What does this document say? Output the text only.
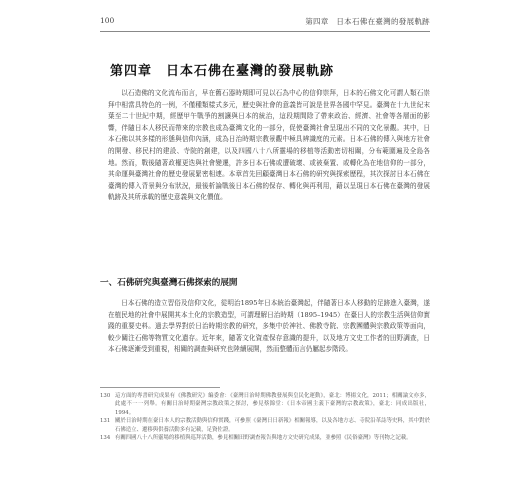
100	第四章　日本石佛在臺灣的發展軌跡
第四章　日本石佛在臺灣的發展軌跡

以石造佛的文化流布而言，早在舊石器時期即可見以石為中心的信仰崇拜，日本的石佛文化可謂人類石崇拜中相當具特色的一例，不僅種類樣式多元，歷史與社會的意義皆可說是世界各國中罕見。臺灣在十九世紀末葉至二十世紀中期，經歷甲午戰爭的割讓與日本的統治，這段期間除了帶來政治、經濟、社會等各層面的影響，伴隨日本人移民而帶來的宗教也成為臺灣文化的一部分，促使臺灣社會呈現出不同的文化景觀。其中，日本石佛以其多樣的形態與信仰內涵，成為日治時期宗教景觀中極具辨識度的元素。日本石佛的傳入與地方社會的開發、移民村的建設、寺院的創建，以及四國八十八所靈場的移植等活動密切相關，分布範圍遍及全島各地。然而，戰後隨著政權更迭與社會變遷，許多日本石佛或遭破壞、或被棄置、或轉化為在地信仰的一部分，其命運與臺灣社會的歷史發展緊密相連。本章首先回顧臺灣日本石佛的研究與探索歷程，其次探討日本石佛在臺灣的傳入背景與分布狀況，最後析論戰後日本石佛的保存、轉化與再利用，藉以呈現日本石佛在臺灣的發展軌跡及其所承載的歷史意義與文化價值。

一、石佛研究與臺灣石佛探索的展開

日本石佛的造立習俗及信仰文化，從明治1895年日本統治臺灣起，伴隨著日本人移動的足跡進入臺灣，遂在植民地的社會中展開其本土化的宗教造型，可謂理解日治時期（1895–1945）在臺日人的宗教生活與信仰實踐的重要史料。過去學界對於日治時期宗教的研究，多集中於神社、佛教寺院、宗教團體與宗教政策等面向，較少關注石佛等物質文化遺存。近年來，隨著文化資產保存意識的提升，以及地方文史工作者的田野調查，日本石佛逐漸受到重視，相關的調查與研究也陸續展開，然而整體而言仍屬起步階段。

130 這方面的專書研究成果有《佛教研究》編委會：《臺灣日治時期佛教發展與皇民化運動》，臺北：博揚文化，2011；相關論文亦多，此處不一一列舉。有關日治時期臺灣宗教政策之探討，參見蔡錦堂：《日本帝國主義下臺灣的宗教政策》，臺北：同成出版社，1994。
131 關於日治時期在臺日本人的宗教活動與信仰實踐，可參照《臺灣日日新報》相關報導，以及各地方志、寺院沿革誌等史料，其中對於石佛造立、遷移與供養活動多有記載，足資佐證。
134 有關四國八十八所靈場的移植與巡拜活動，參見相關田野調查報告與地方文史研究成果，並參照《民俗臺灣》等刊物之記載。
